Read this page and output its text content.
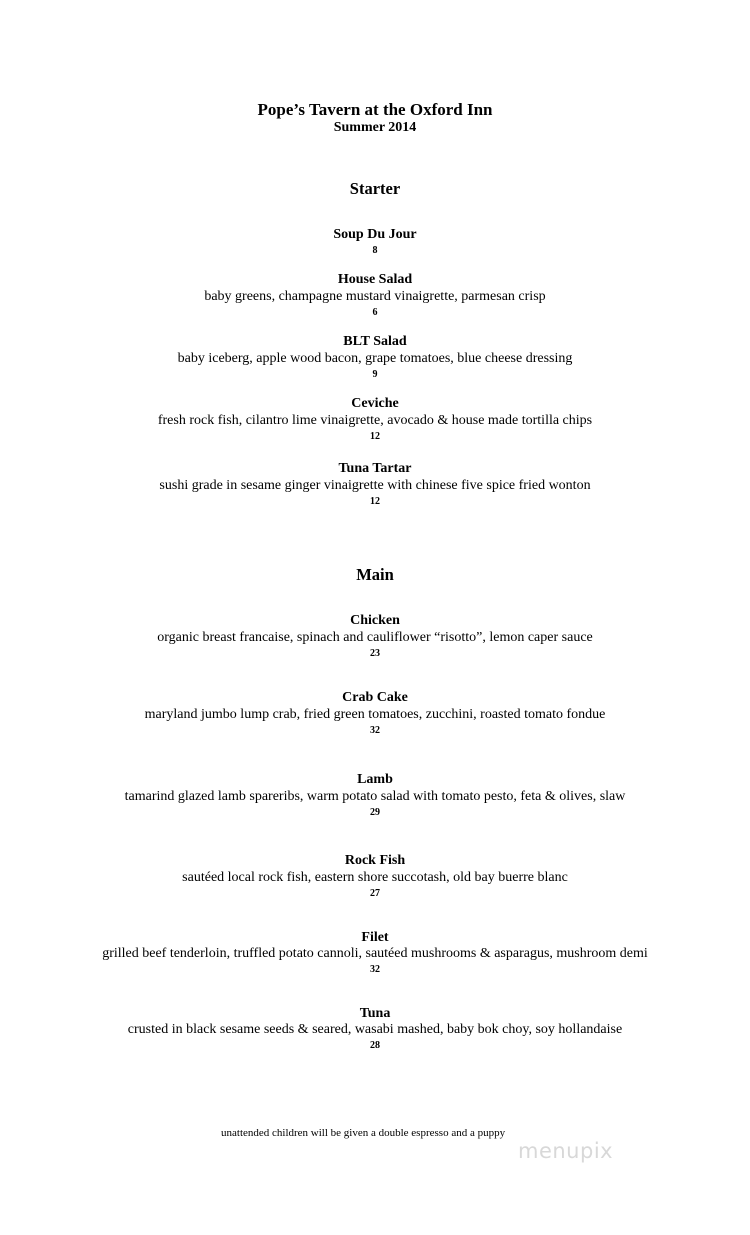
Pope’s Tavern at the Oxford Inn
Summer 2014
Starter
Soup Du Jour
8
House Salad
baby greens, champagne mustard vinaigrette, parmesan crisp
6
BLT Salad
baby iceberg, apple wood bacon, grape tomatoes, blue cheese dressing
9
Ceviche
fresh rock fish, cilantro lime vinaigrette, avocado & house made tortilla chips
12
Tuna Tartar
sushi grade in sesame ginger vinaigrette with chinese five spice fried wonton
12
Main
Chicken
organic breast francaise, spinach and cauliflower “risotto”, lemon caper sauce
23
Crab Cake
maryland jumbo lump crab, fried green tomatoes, zucchini, roasted tomato fondue
32
Lamb
tamarind glazed lamb spareribs, warm potato salad with tomato pesto, feta & olives, slaw
29
Rock Fish
sautéed local rock fish, eastern shore succotash, old bay buerre blanc
27
Filet
grilled beef tenderloin, truffled potato cannoli, sautéed mushrooms & asparagus, mushroom demi
32
Tuna
crusted in black sesame seeds & seared, wasabi mashed, baby bok choy, soy hollandaise
28
unattended children will be given a double espresso and a puppy
menupix
